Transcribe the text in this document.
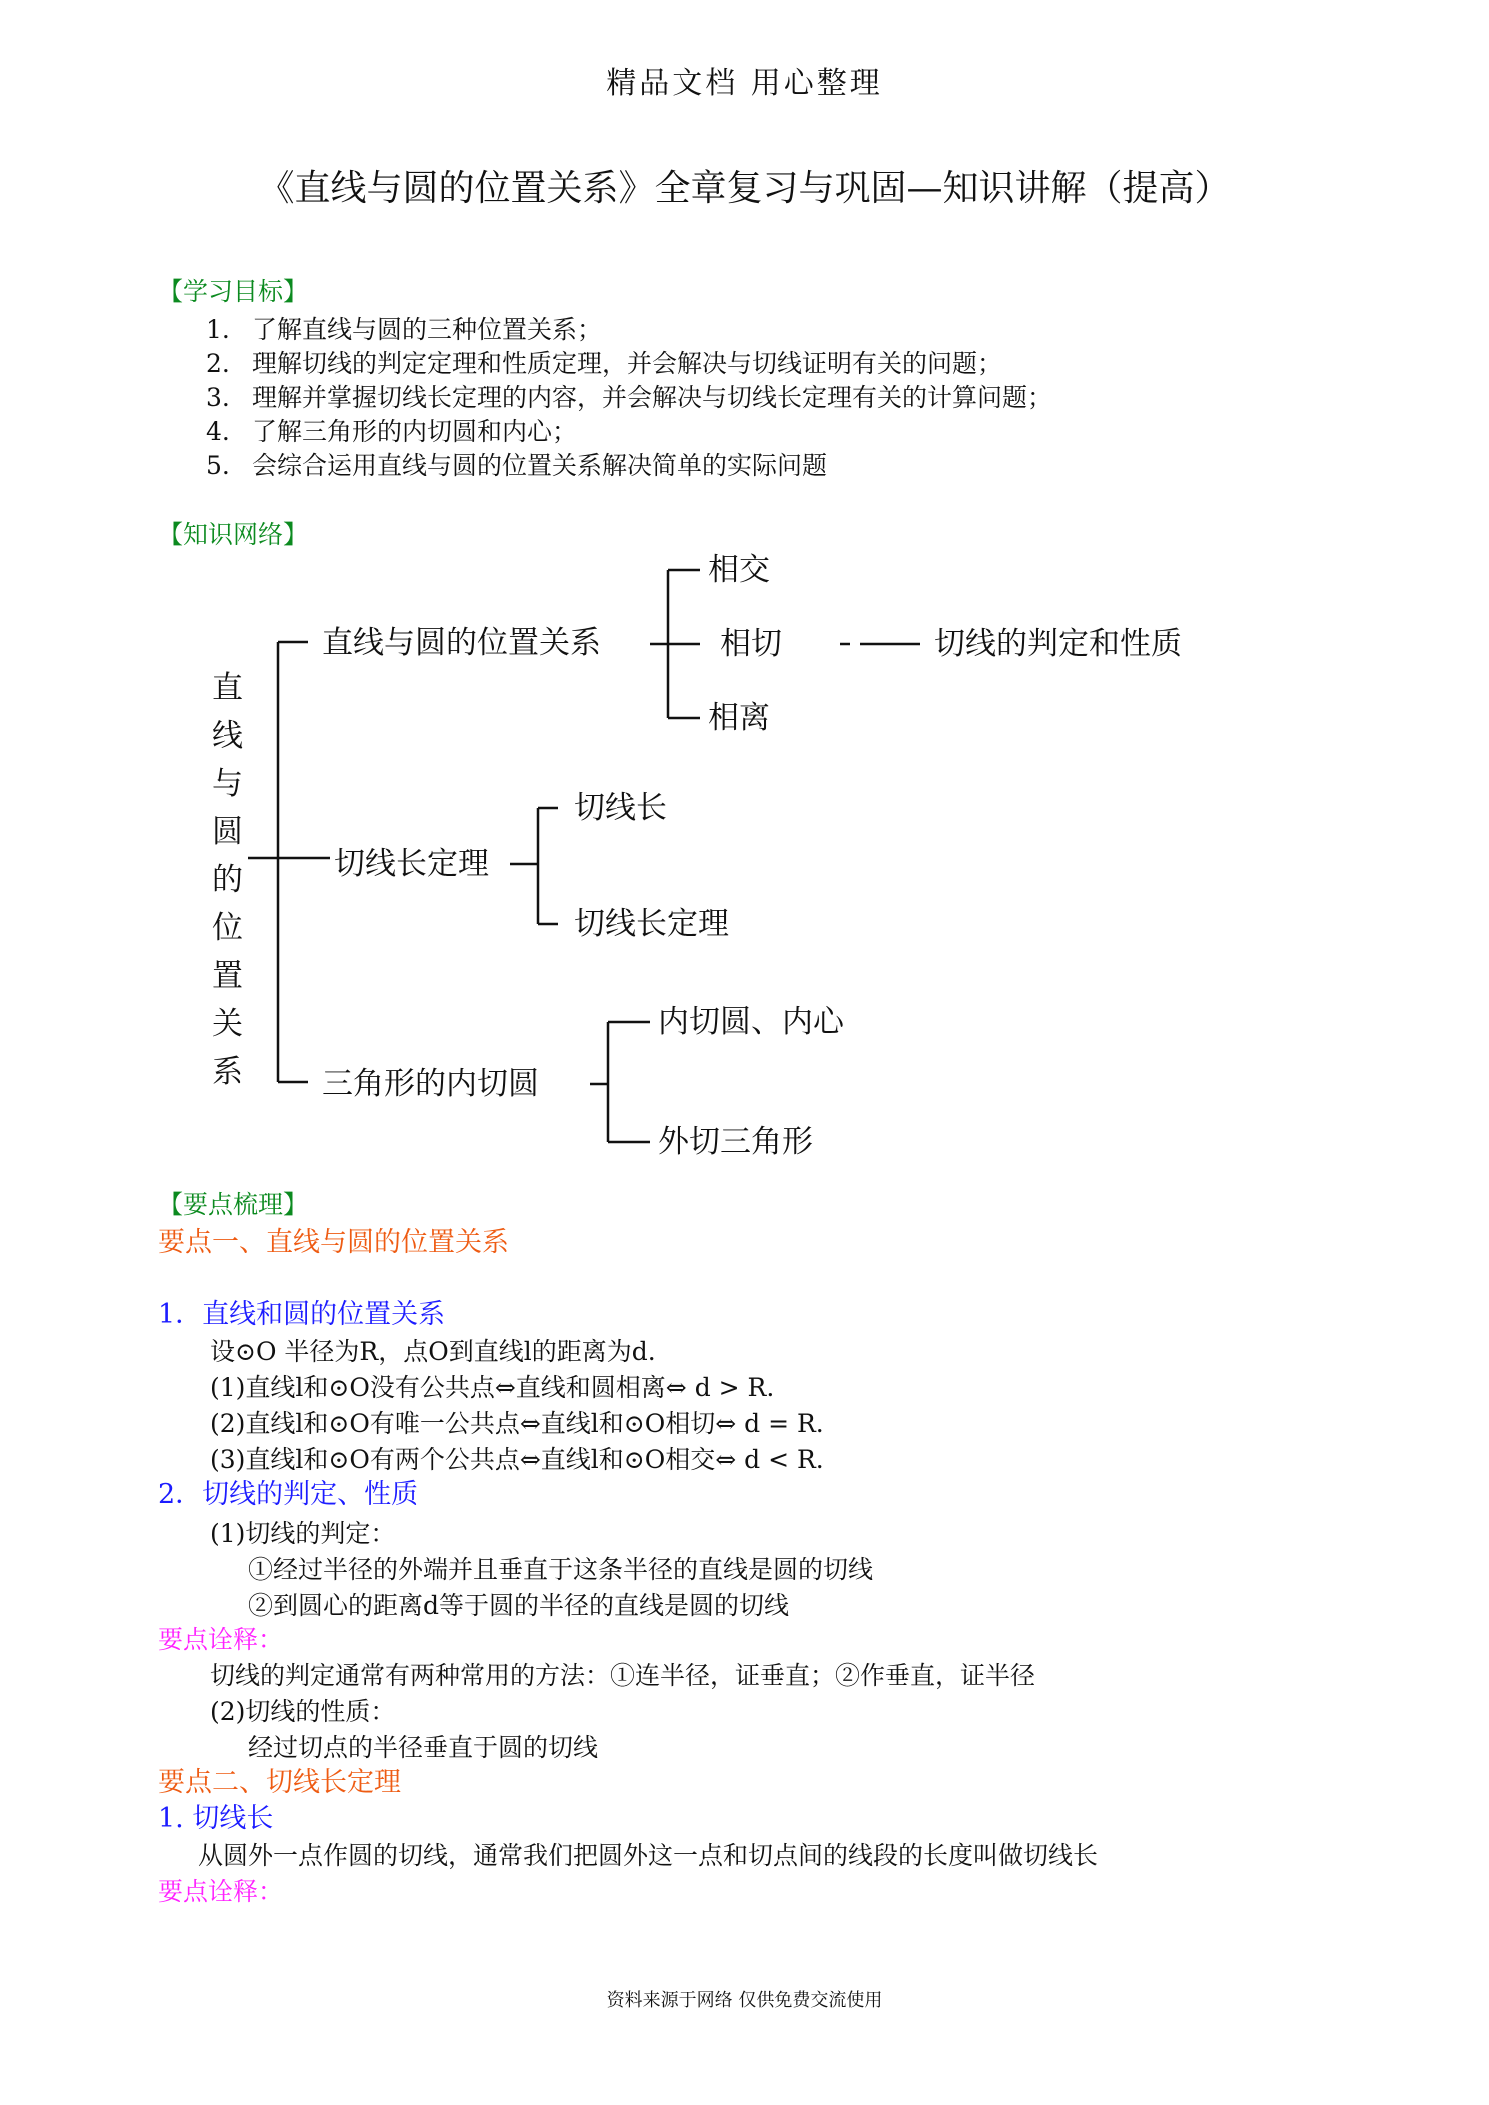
精品文档 用心整理
《直线与圆的位置关系》全章复习与巩固—知识讲解（提高）
【学习目标】
1. 了解直线与圆的三种位置关系；
2. 理解切线的判定定理和性质定理，并会解决与切线证明有关的问题；
3. 理解并掌握切线长定理的内容，并会解决与切线长定理有关的计算问题；
4. 了解三角形的内切圆和内心；
5. 会综合运用直线与圆的位置关系解决简单的实际问题
【知识网络】
直
线
与
圆
的
位
置
关
系
直线与圆的位置关系
相交
相切
相离
切线的判定和性质
切线长定理
切线长
切线长定理
三角形的内切圆
内切圆、内心
外切三角形
【要点梳理】
要点一、直线与圆的位置关系
1．直线和圆的位置关系
设⊙O 半径为R，点O到直线l的距离为d.
(1)直线l和⊙O没有公共点⇔直线和圆相离⇔ d > R.
(2)直线l和⊙O有唯一公共点⇔直线l和⊙O相切⇔ d = R.
(3)直线l和⊙O有两个公共点⇔直线l和⊙O相交⇔ d < R.
2．切线的判定、性质
(1)切线的判定：
①经过半径的外端并且垂直于这条半径的直线是圆的切线
②到圆心的距离d等于圆的半径的直线是圆的切线
要点诠释：
切线的判定通常有两种常用的方法：①连半径，证垂直；②作垂直，证半径
(2)切线的性质：
经过切点的半径垂直于圆的切线
要点二、切线长定理
1. 切线长
从圆外一点作圆的切线，通常我们把圆外这一点和切点间的线段的长度叫做切线长
要点诠释：
资料来源于网络 仅供免费交流使用
